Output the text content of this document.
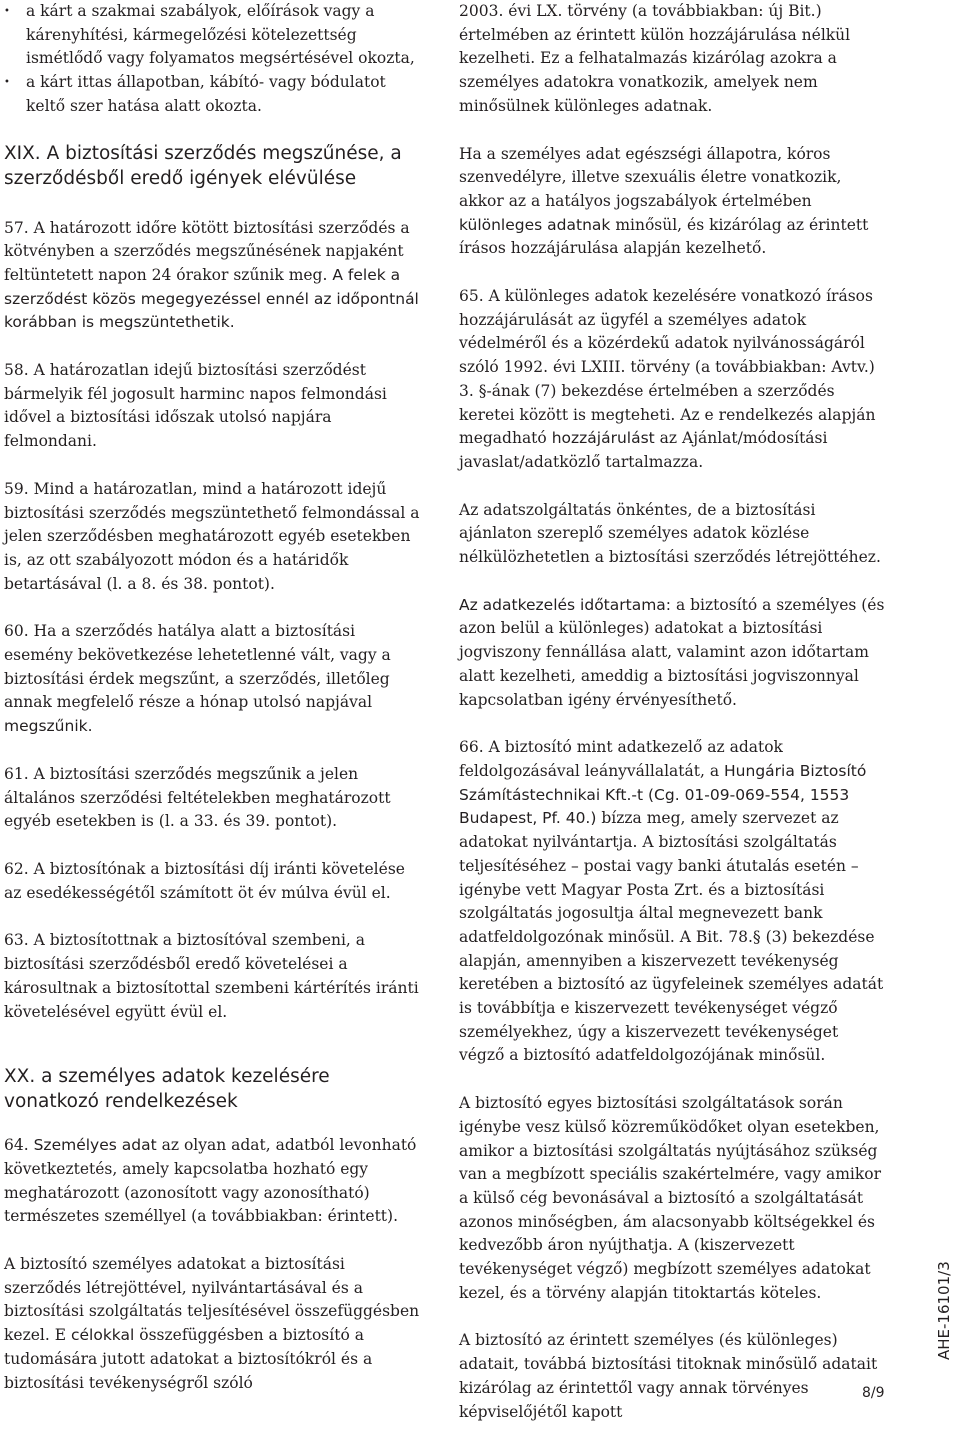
• a kárt a szakmai szabályok, előírások vagy a kárenyhítési, kármegelőzési kötelezettség ismétlődő vagy folyamatos megsértésével okozta,
• a kárt ittas állapotban, kábító- vagy bódulatot keltő szer hatása alatt okozta.
XIX. A biztosítási szerződés megszűnése, a szerződésből eredő igények elévülése

57. A határozott időre kötött biztosítási szerződés a kötvényben a szerződés megszűnésének napjaként feltüntetett napon 24 órakor szűnik meg. A felek a szerződést közös megegyezéssel ennél az időpontnál korábban is megszüntethetik.

58. A határozatlan idejű biztosítási szerződést bármelyik fél jogosult harminc napos felmondási idővel a biztosítási időszak utolsó napjára felmondani.

59. Mind a határozatlan, mind a határozott idejű biztosítási szerződés megszüntethető felmondással a jelen szerződésben meghatározott egyéb esetekben is, az ott szabályozott módon és a határidők betartásával (l. a 8. és 38. pontot).

60. Ha a szerződés hatálya alatt a biztosítási esemény bekövetkezése lehetetlenné vált, vagy a biztosítási érdek megszűnt, a szerződés, illetőleg annak megfelelő része a hónap utolsó napjával megszűnik.

61. A biztosítási szerződés megszűnik a jelen általános szerződési feltételekben meghatározott egyéb esetekben is (l. a 33. és 39. pontot).

62. A biztosítónak a biztosítási díj iránti követelése az esedékességétől számított öt év múlva évül el.

63. A biztosítottnak a biztosítóval szembeni, a biztosítási szerződésből eredő követelései a károsultnak a biztosítottal szembeni kártérítés iránti követelésével együtt évül el.

XX. a személyes adatok kezelésére vonatkozó rendelkezések

64. Személyes adat az olyan adat, adatból levonható következtetés, amely kapcsolatba hozható egy meghatározott (azonosított vagy azonosítható) természetes személlyel (a továbbiakban: érintett).

A biztosító személyes adatokat a biztosítási szerződés létrejöttével, nyilvántartásával és a biztosítási szolgáltatás teljesítésével összefüggésben kezel. E célokkal összefüggésben a biztosító a tudomására jutott adatokat a biztosítókról és a biztosítási tevékenységről szóló

2003. évi LX. törvény (a továbbiakban: új Bit.) értelmében az érintett külön hozzájárulása nélkül kezelheti. Ez a felhatalmazás kizárólag azokra a személyes adatokra vonatkozik, amelyek nem minősülnek különleges adatnak.

Ha a személyes adat egészségi állapotra, kóros szenvedélyre, illetve szexuális életre vonatkozik, akkor az a hatályos jogszabályok értelmében különleges adatnak minősül, és kizárólag az érintett írásos hozzájárulása alapján kezelhető.

65. A különleges adatok kezelésére vonatkozó írásos hozzájárulását az ügyfél a személyes adatok védelméről és a közérdekű adatok nyilvánosságáról szóló 1992. évi LXIII. törvény (a továbbiakban: Avtv.) 3. §-ának (7) bekezdése értelmében a szerződés keretei között is megteheti. Az e rendelkezés alapján megadható hozzájárulást az Ajánlat/módosítási javaslat/adatközlő tartalmazza.

Az adatszolgáltatás önkéntes, de a biztosítási ajánlaton szereplő személyes adatok közlése nélkülözhetetlen a biztosítási szerződés létrejöttéhez.

Az adatkezelés időtartama: a biztosító a személyes (és azon belül a különleges) adatokat a biztosítási jogviszony fennállása alatt, valamint azon időtartam alatt kezelheti, ameddig a biztosítási jogviszonnyal kapcsolatban igény érvényesíthető.

66. A biztosító mint adatkezelő az adatok feldolgozásával leányvállalatát, a Hungária Biztosító Számítástechnikai Kft.-t (Cg. 01-09-069-554, 1553 Budapest, Pf. 40.) bízza meg, amely szervezet az adatokat nyilvántartja. A biztosítási szolgáltatás teljesítéséhez – postai vagy banki átutalás esetén – igénybe vett Magyar Posta Zrt. és a biztosítási szolgáltatás jogosultja által megnevezett bank adatfeldolgozónak minősül. A Bit. 78.§ (3) bekezdése alapján, amennyiben a kiszervezett tevékenység keretében a biztosító az ügyfeleinek személyes adatát is továbbítja e kiszervezett tevékenységet végző személyekhez, úgy a kiszervezett tevékenységet végző a biztosító adatfeldolgozójának minősül.

A biztosító egyes biztosítási szolgáltatások során igénybe vesz külső közreműködőket olyan esetekben, amikor a biztosítási szolgáltatás nyújtásához szükség van a megbízott speciális szakértelmére, vagy amikor a külső cég bevonásával a biztosító a szolgáltatását azonos minőségben, ám alacsonyabb költségekkel és kedvezőbb áron nyújthatja. A (kiszervezett tevékenységet végző) megbízott személyes adatokat kezel, és a törvény alapján titoktartás köteles.

A biztosító az érintett személyes (és különleges) adatait, továbbá biztosítási titoknak minősülő adatait kizárólag az érintettől vagy annak törvényes képviselőjétől kapott

AHE-16101/3
8/9
